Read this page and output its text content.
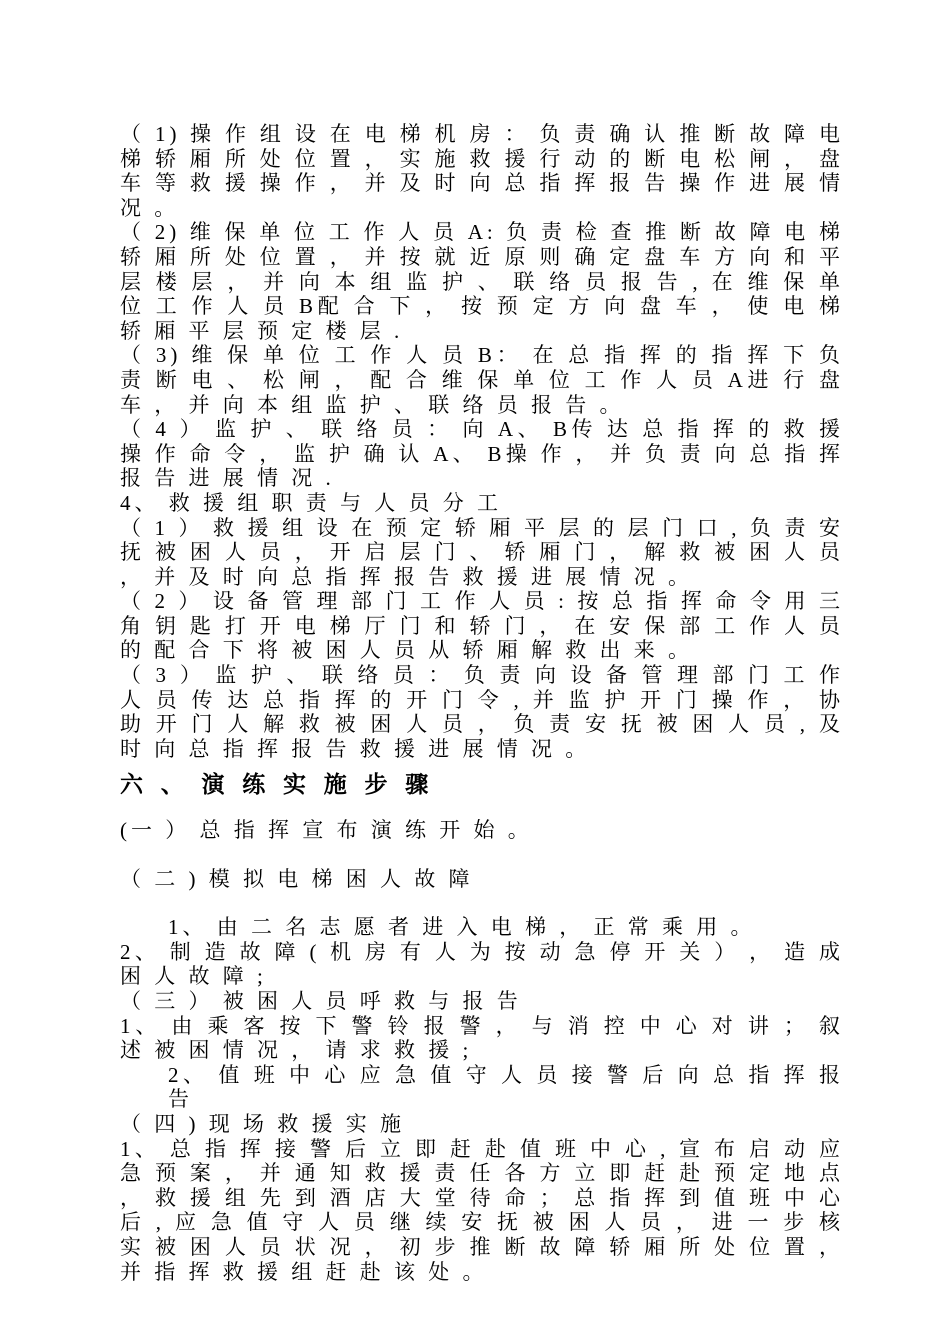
（ 1) 操 作 组 设 在 电 梯 机 房 ： 负 责 确 认 推 断 故 障 电 梯 轿 厢 所 处 位 置 ， 实 施 救 援 行 动 的 断 电 松 闸 ， 盘 车 等 救 援 操 作 ， 并 及 时 向 总 指 挥 报 告 操 作 进 展 情 况 。

（ 2) 维 保 单 位 工 作 人 员 A: 负 责 检 查 推 断 故 障 电 梯 轿 厢 所 处 位 置 ， 并 按 就 近 原 则 确 定 盘 车 方 向 和 平 层 楼 层 ， 并 向 本 组 监 护 、 联 络 员 报 告 , 在 维 保 单 位 工 作 人 员 B配 合 下 ， 按 预 定 方 向 盘 车 ， 使 电 梯 轿 厢 平 层 预 定 楼 层 .

（ 3) 维 保 单 位 工 作 人 员 B： 在 总 指 挥 的 指 挥 下 负 责 断 电 、 松 闸 ， 配 合 维 保 单 位 工 作 人 员 A进 行 盘 车 ， 并 向 本 组 监 护 、 联 络 员 报 告 。

（ 4 ） 监 护 、 联 络 员 ： 向 A、 B传 达 总 指 挥 的 救 援 操 作 命 令 ， 监 护 确 认 A、 B操 作 ， 并 负 责 向 总 指 挥 报 告 进 展 情 况 .

4、 救 援 组 职 责 与 人 员 分 工

（ 1 ） 救 援 组 设 在 预 定 轿 厢 平 层 的 层 门 口 , 负 责 安 抚 被 困 人 员 ， 开 启 层 门 、 轿 厢 门 ， 解 救 被 困 人 员 ， 并 及 时 向 总 指 挥 报 告 救 援 进 展 情 况 。

（ 2 ） 设 备 管 理 部 门 工 作 人 员 : 按 总 指 挥 命 令 用 三 角 钥 匙 打 开 电 梯 厅 门 和 轿 门 ， 在 安 保 部 工 作 人 员 的 配 合 下 将 被 困 人 员 从 轿 厢 解 救 出 来 。

（ 3 ） 监 护 、 联 络 员 ： 负 责 向 设 备 管 理 部 门 工 作 人 员 传 达 总 指 挥 的 开 门 令 , 并 监 护 开 门 操 作 ， 协 助 开 门 人 解 救 被 困 人 员 ， 负 责 安 抚 被 困 人 员 , 及 时 向 总 指 挥 报 告 救 援 进 展 情 况 。

六 、 演 练 实 施 步 骤

(一 ） 总 指 挥 宣 布 演 练 开 始 。

（ 二 ) 模 拟 电 梯 困 人 故 障

1、 由 二 名 志 愿 者 进 入 电 梯 ， 正 常 乘 用 。

2、 制 造 故 障 ( 机 房 有 人 为 按 动 急 停 开 关 ） ， 造 成 困 人 故 障 ;

（ 三 ） 被 困 人 员 呼 救 与 报 告

1、 由 乘 客 按 下 警 铃 报 警 ， 与 消 控 中 心 对 讲 ； 叙 述 被 困 情 况 ， 请 求 救 援 ;

2、 值 班 中 心 应 急 值 守 人 员 接 警 后 向 总 指 挥 报 告

（ 四 ) 现 场 救 援 实 施

1、 总 指 挥 接 警 后 立 即 赶 赴 值 班 中 心 , 宣 布 启 动 应 急 预 案 ， 并 通 知 救 援 责 任 各 方 立 即 赶 赴 预 定 地 点 ， 救 援 组 先 到 酒 店 大 堂 待 命 ； 总 指 挥 到 值 班 中 心 后 , 应 急 值 守 人 员 继 续 安 抚 被 困 人 员 ， 进 一 步 核 实 被 困 人 员 状 况 ， 初 步 推 断 故 障 轿 厢 所 处 位 置 ， 并 指 挥 救 援 组 赶 赴 该 处 。
